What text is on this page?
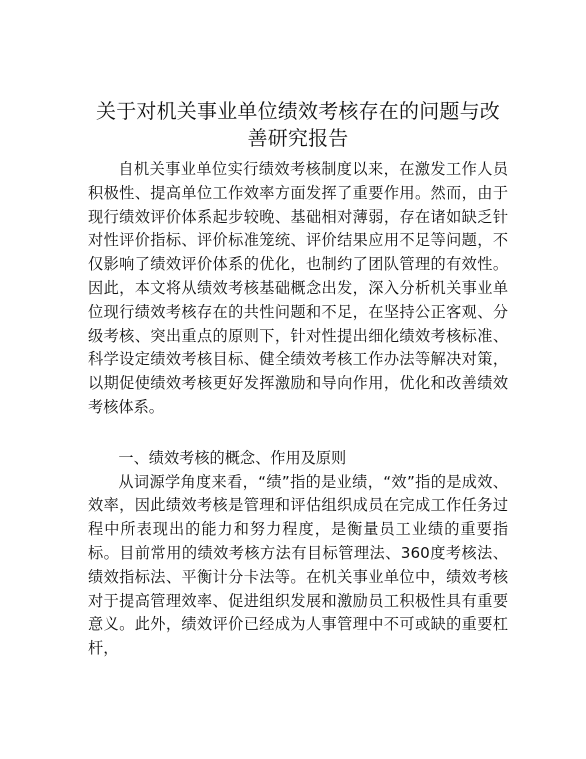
关于对机关事业单位绩效考核存在的问题与改善研究报告

自机关事业单位实行绩效考核制度以来，在激发工作人员积极性、提高单位工作效率方面发挥了重要作用。然而，由于现行绩效评价体系起步较晚、基础相对薄弱，存在诸如缺乏针对性评价指标、评价标准笼统、评价结果应用不足等问题，不仅影响了绩效评价体系的优化，也制约了团队管理的有效性。因此，本文将从绩效考核基础概念出发，深入分析机关事业单位现行绩效考核存在的共性问题和不足，在坚持公正客观、分级考核、突出重点的原则下，针对性提出细化绩效考核标准、科学设定绩效考核目标、健全绩效考核工作办法等解决对策，以期促使绩效考核更好发挥激励和导向作用，优化和改善绩效考核体系。

一、绩效考核的概念、作用及原则

从词源学角度来看，“绩”指的是业绩，“效”指的是成效、效率，因此绩效考核是管理和评估组织成员在完成工作任务过程中所表现出的能力和努力程度，是衡量员工业绩的重要指标。目前常用的绩效考核方法有目标管理法、360度考核法、绩效指标法、平衡计分卡法等。在机关事业单位中，绩效考核对于提高管理效率、促进组织发展和激励员工积极性具有重要意义。此外，绩效评价已经成为人事管理中不可或缺的重要杠杆，
